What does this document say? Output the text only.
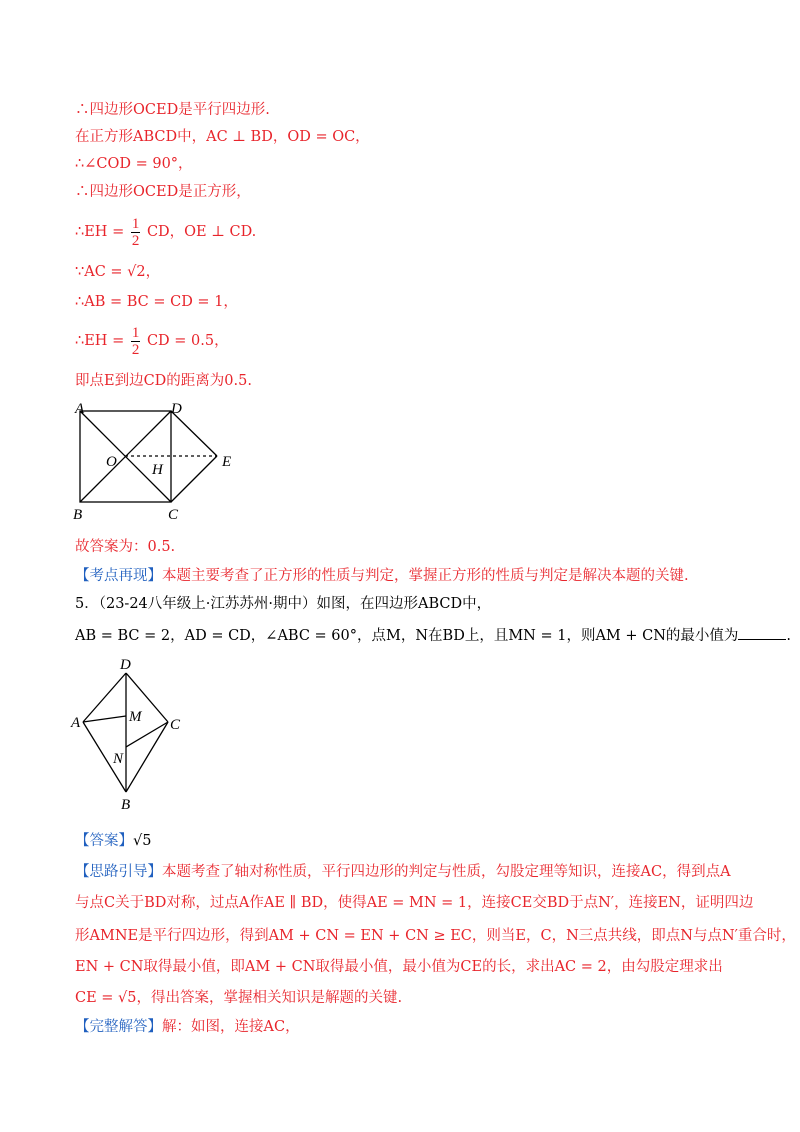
∴四边形OCED是平行四边形.
在正方形ABCD中，AC ⊥ BD，OD = OC，
∴∠COD = 90°，
∴四边形OCED是正方形，
∴EH = $\frac{1}{2}$ CD，OE ⊥ CD.
∵AC = √2，
∴AB = BC = CD = 1，
∴EH = $\frac{1}{2}$ CD = 0.5，
即点E到边CD的距离为0.5.
A	D
B	C
E
O H
故答案为：0.5.
【考点再现】本题主要考查了正方形的性质与判定，掌握正方形的性质与判定是解决本题的关键.
5．（23-24八年级上·江苏苏州·期中）如图，在四边形ABCD中，
AB = BC = 2，AD = CD，∠ABC = 60°，点M，N在BD上，且MN = 1，则AM + CN的最小值为	.
D
A	C
M
N
B
【答案】√5
【思路引导】本题考查了轴对称性质，平行四边形的判定与性质，勾股定理等知识，连接AC，得到点A
与点C关于BD对称，过点A作AE ∥ BD，使得AE = MN = 1，连接CE交BD于点N′，连接EN，证明四边
形AMNE是平行四边形，得到AM + CN = EN + CN ≥ EC，则当E，C，N三点共线，即点N与点N′重合时，
EN + CN取得最小值，即AM + CN取得最小值，最小值为CE的长，求出AC = 2，由勾股定理求出
CE = √5，得出答案，掌握相关知识是解题的关键.
【完整解答】解：如图，连接AC，
